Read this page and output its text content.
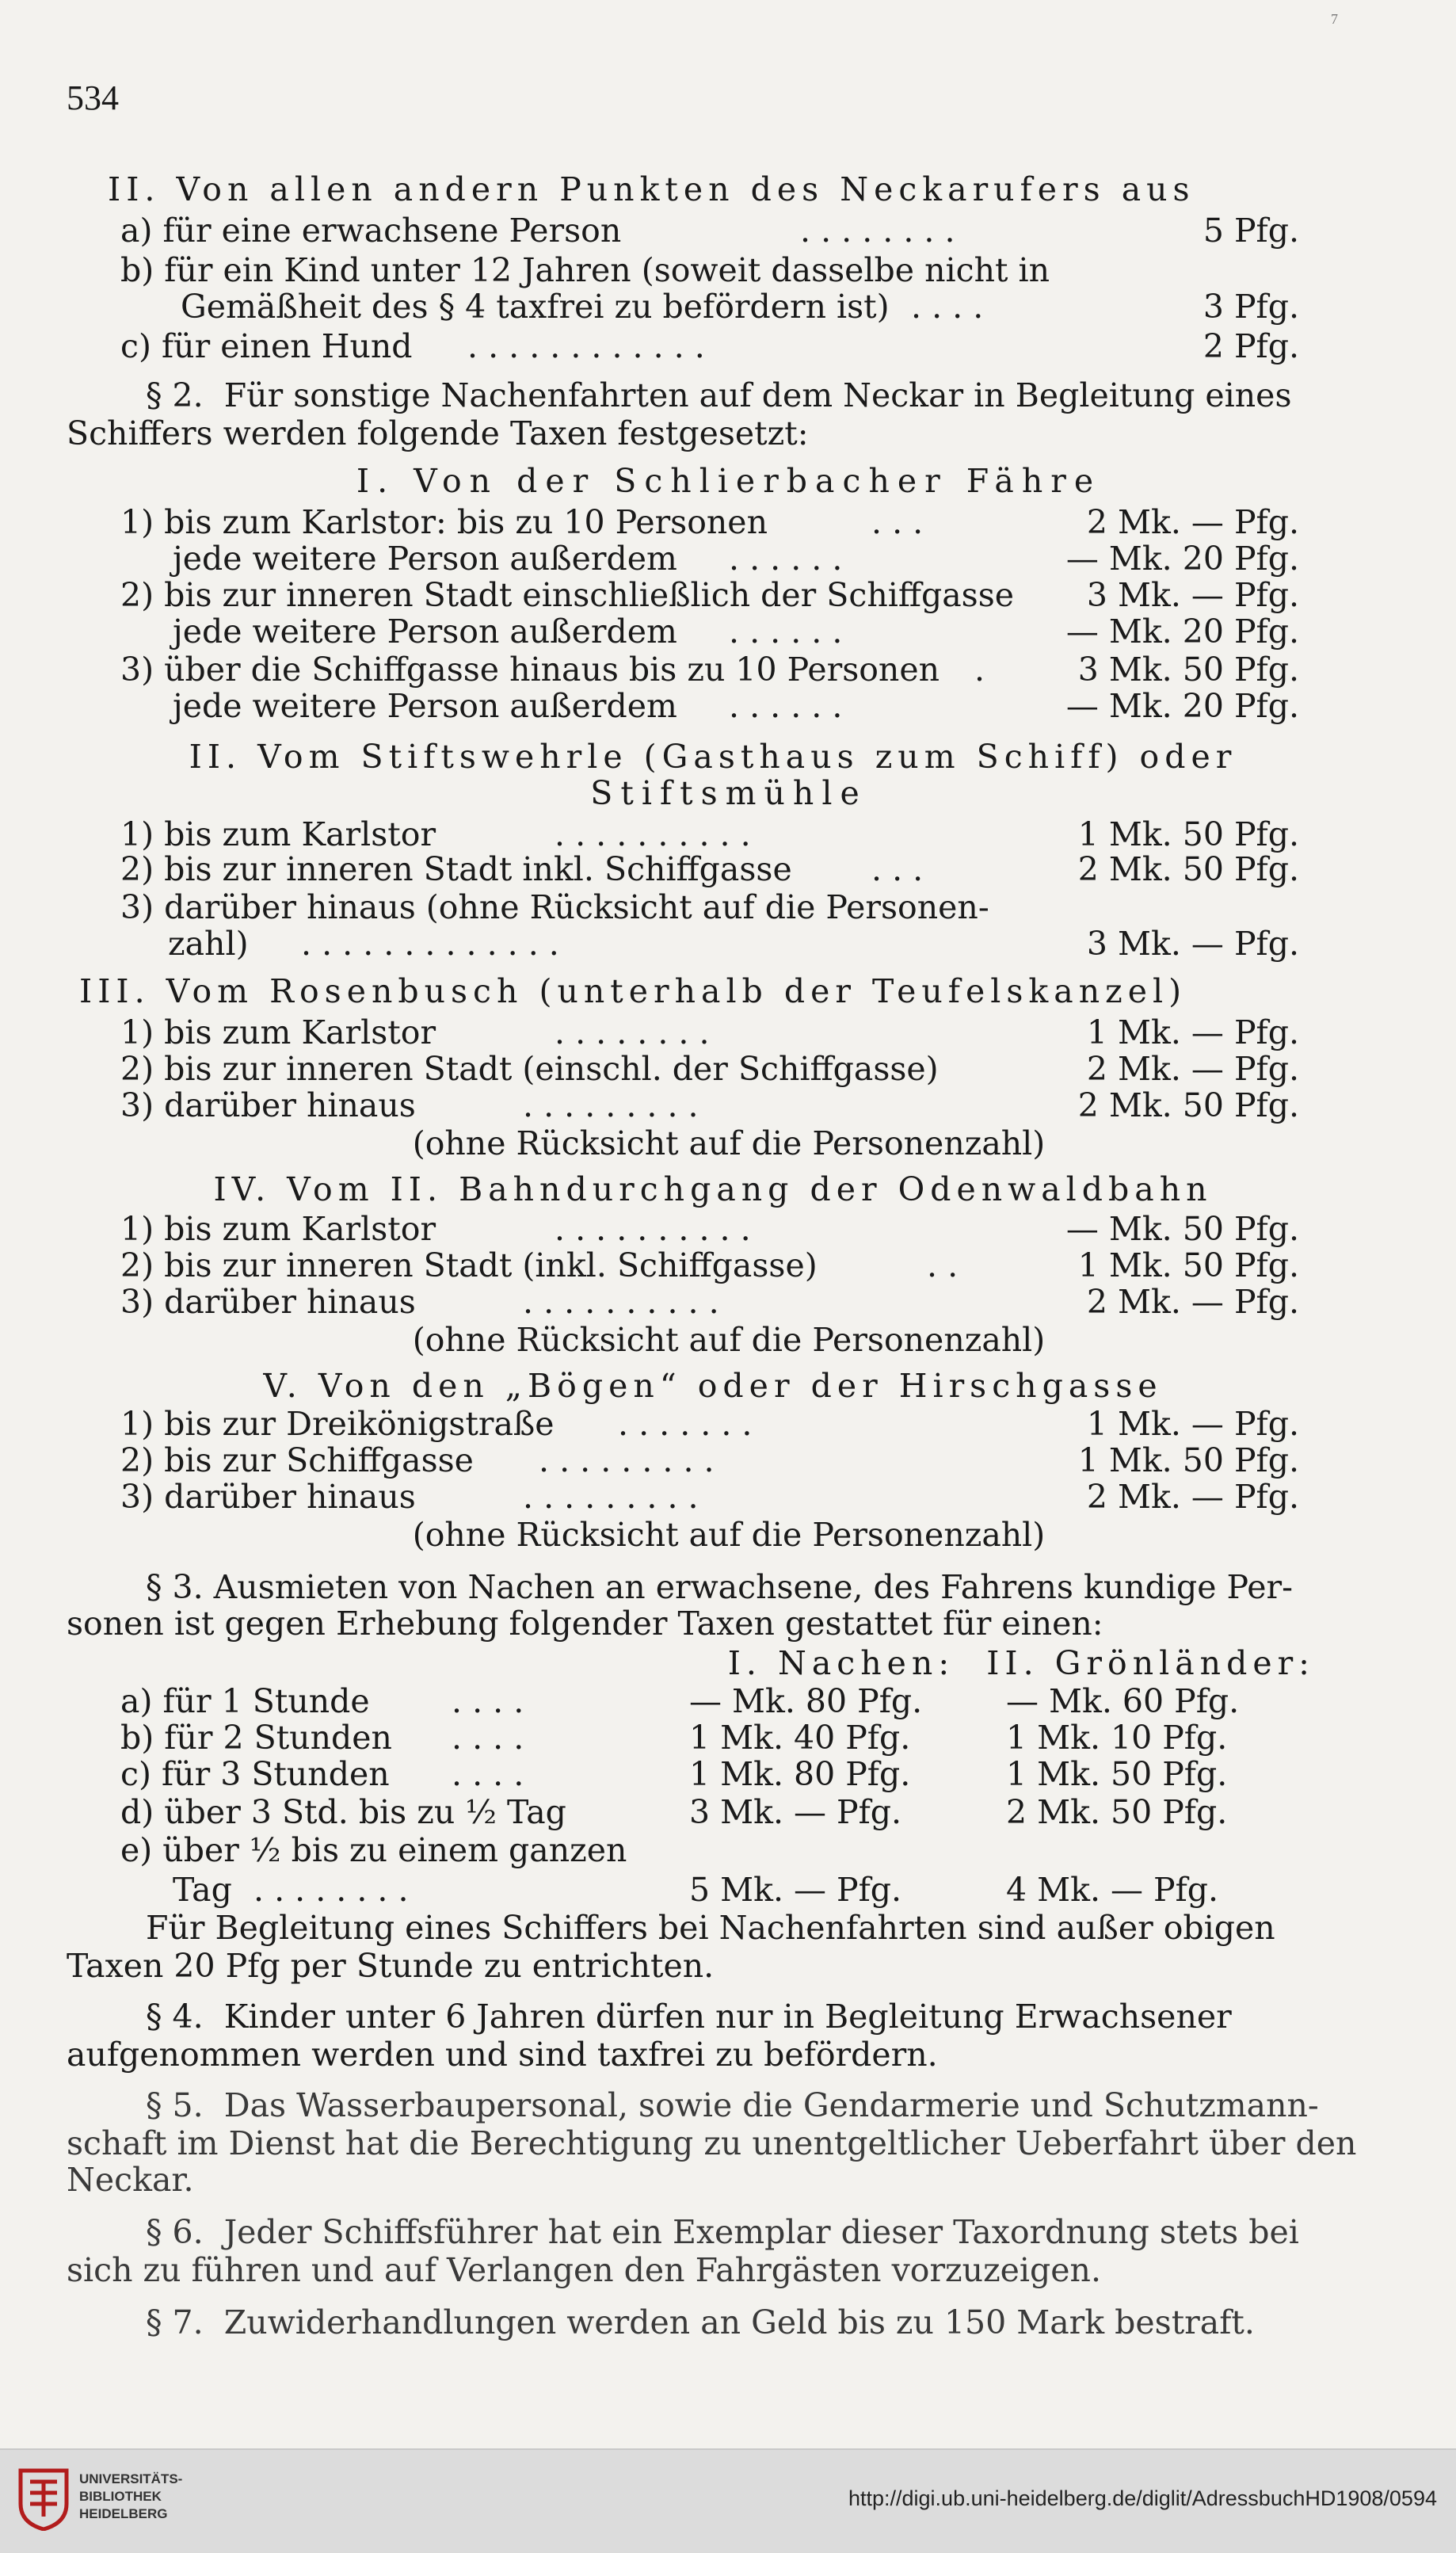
7
534
II. Von allen andern Punkten des Neckarufers aus
a) für eine erwachsene Person	. . . . . . . .	5 Pfg.
b) für ein Kind unter 12 Jahren (soweit dasselbe nicht in
Gemäßheit des § 4 taxfrei zu befördern ist) . . . .	3 Pfg.
c) für einen Hund . . . . . . . . . . . .	2 Pfg.
§ 2.  Für sonstige Nachenfahrten auf dem Neckar in Begleitung eines
Schiffers werden folgende Taxen festgesetzt:
I. Von der Schlierbacher Fähre
1) bis zum Karlstor: bis zu 10 Personen	. . .	2 Mk. — Pfg.
jede weitere Person außerdem . . . . . .	— Mk. 20 Pfg.
2) bis zur inneren Stadt einschließlich der Schiffgasse	3 Mk. — Pfg.
jede weitere Person außerdem . . . . . .	— Mk. 20 Pfg.
3) über die Schiffgasse hinaus bis zu 10 Personen .	3 Mk. 50 Pfg.
jede weitere Person außerdem . . . . . .	— Mk. 20 Pfg.
II. Vom Stiftswehrle (Gasthaus zum Schiff) oder
Stiftsmühle
1) bis zum Karlstor	. . . . . . . . . .	1 Mk. 50 Pfg.
2) bis zur inneren Stadt inkl. Schiffgasse . . .	2 Mk. 50 Pfg.
3) darüber hinaus (ohne Rücksicht auf die Personen-
zahl) . . . . . . . . . . . . .	3 Mk. — Pfg.
III. Vom Rosenbusch (unterhalb der Teufelskanzel)
1) bis zum Karlstor	. . . . . . . .	1 Mk. — Pfg.
2) bis zur inneren Stadt (einschl. der Schiffgasse)	2 Mk. — Pfg.
3) darüber hinaus	. . . . . . . . .	2 Mk. 50 Pfg.
(ohne Rücksicht auf die Personenzahl)
IV. Vom II. Bahndurchgang der Odenwaldbahn
1) bis zum Karlstor	. . . . . . . . . .	— Mk. 50 Pfg.
2) bis zur inneren Stadt (inkl. Schiffgasse)	. .	1 Mk. 50 Pfg.
3) darüber hinaus	. . . . . . . . . .	2 Mk. — Pfg.
(ohne Rücksicht auf die Personenzahl)
V. Von den „Bögen“ oder der Hirschgasse
1) bis zur Dreikönigstraße . . . . . . .	1 Mk. — Pfg.
2) bis zur Schiffgasse . . . . . . . . .	1 Mk. 50 Pfg.
3) darüber hinaus	. . . . . . . . .	2 Mk. — Pfg.
(ohne Rücksicht auf die Personenzahl)
§ 3. Ausmieten von Nachen an erwachsene, des Fahrens kundige Per-
sonen ist gegen Erhebung folgender Taxen gestattet für einen:
I. Nachen:  II. Grönländer:
a) für 1 Stunde	. . . .	— Mk. 80 Pfg.	— Mk. 60 Pfg.
b) für 2 Stunden . . . .	1 Mk. 40 Pfg.	1 Mk. 10 Pfg.
c) für 3 Stunden . . . .	1 Mk. 80 Pfg.	1 Mk. 50 Pfg.
d) über 3 Std. bis zu ½ Tag	3 Mk. — Pfg.	2 Mk. 50 Pfg.
e) über ½ bis zu einem ganzen
Tag . . . . . . . .	5 Mk. — Pfg.	4 Mk. — Pfg.
Für Begleitung eines Schiffers bei Nachenfahrten sind außer obigen
Taxen 20 Pfg per Stunde zu entrichten.
§ 4.  Kinder unter 6 Jahren dürfen nur in Begleitung Erwachsener
aufgenommen werden und sind taxfrei zu befördern.
§ 5.  Das Wasserbaupersonal, sowie die Gendarmerie und Schutzmann-
schaft im Dienst hat die Berechtigung zu unentgeltlicher Ueberfahrt über den
Neckar.
§ 6.  Jeder Schiffsführer hat ein Exemplar dieser Taxordnung stets bei
sich zu führen und auf Verlangen den Fahrgästen vorzuzeigen.
§ 7.  Zuwiderhandlungen werden an Geld bis zu 150 Mark bestraft.
UNIVERSITÄTS-
BIBLIOTHEK
HEIDELBERG
http://digi.ub.uni-heidelberg.de/diglit/AdressbuchHD1908/0594
